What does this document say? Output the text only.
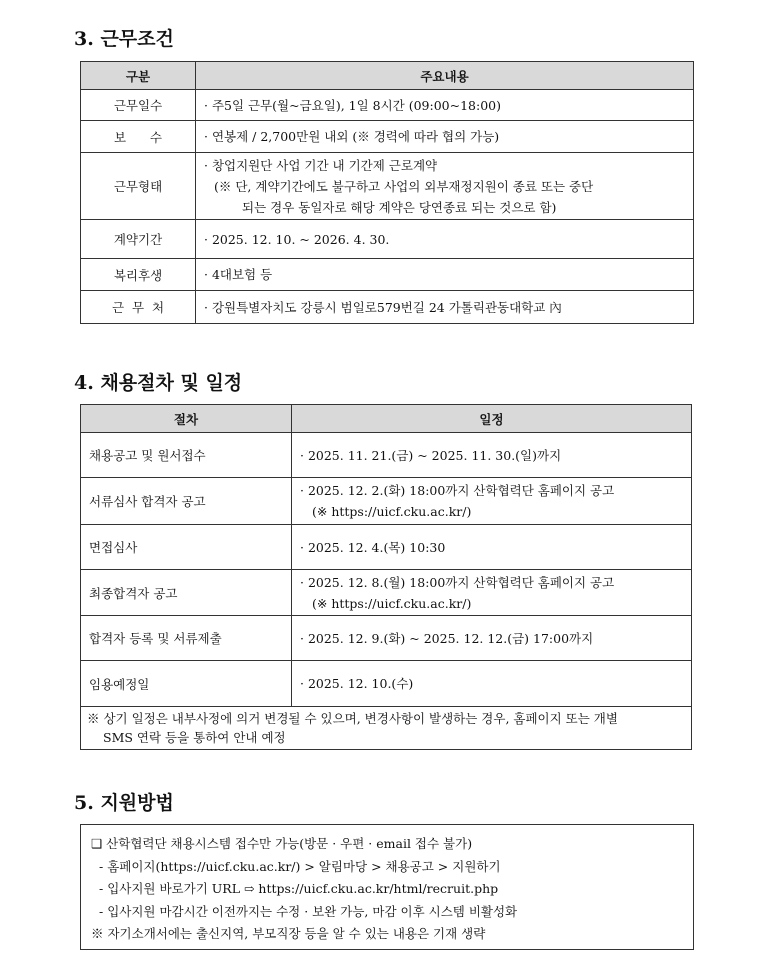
3. 근무조건
구분	주요내용
근무일수	· 주5일 근무(월~금요일), 1일 8시간 (09:00~18:00)

보      수	· 연봉제 / 2,700만원 내외 (※ 경력에 따라 협의 가능)

근무형태	· 창업지원단 사업 기간 내 기간제 근로계약
(※ 단, 계약기간에도 불구하고 사업의 외부재정지원이 종료 또는 중단
되는 경우 동일자로 해당 계약은 당연종료 되는 것으로 함)

계약기간	· 2025. 12. 10. ~ 2026. 4. 30.

복리후생	· 4대보험 등

근  무  처	· 강원특별자치도 강릉시 범일로579번길 24 가톨릭관동대학교 內
4. 채용절차 및 일정
절차	일정
채용공고 및 원서접수	· 2025. 11. 21.(금) ~ 2025. 11. 30.(일)까지

서류심사 합격자 공고	· 2025. 12. 2.(화) 18:00까지 산학협력단 홈페이지 공고
(※ https://uicf.cku.ac.kr/)

면접심사	· 2025. 12. 4.(목) 10:30

최종합격자 공고	· 2025. 12. 8.(월) 18:00까지 산학협력단 홈페이지 공고
(※ https://uicf.cku.ac.kr/)

합격자 등록 및 서류제출	· 2025. 12. 9.(화) ~ 2025. 12. 12.(금) 17:00까지

임용예정일	· 2025. 12. 10.(수)

※ 상기 일정은 내부사정에 의거 변경될 수 있으며, 변경사항이 발생하는 경우, 홈페이지 또는 개별
SMS 연락 등을 통하여 안내 예정	
5. 지원방법
❑ 산학협력단 채용시스템 접수만 가능(방문 · 우편 · email 접수 불가)
- 홈페이지(https://uicf.cku.ac.kr/) > 알림마당 > 채용공고 > 지원하기
- 입사지원 바로가기 URL ⇨ https://uicf.cku.ac.kr/html/recruit.php
- 입사지원 마감시간 이전까지는 수정 · 보완 가능, 마감 이후 시스템 비활성화
※ 자기소개서에는 출신지역, 부모직장 등을 알 수 있는 내용은 기재 생략
